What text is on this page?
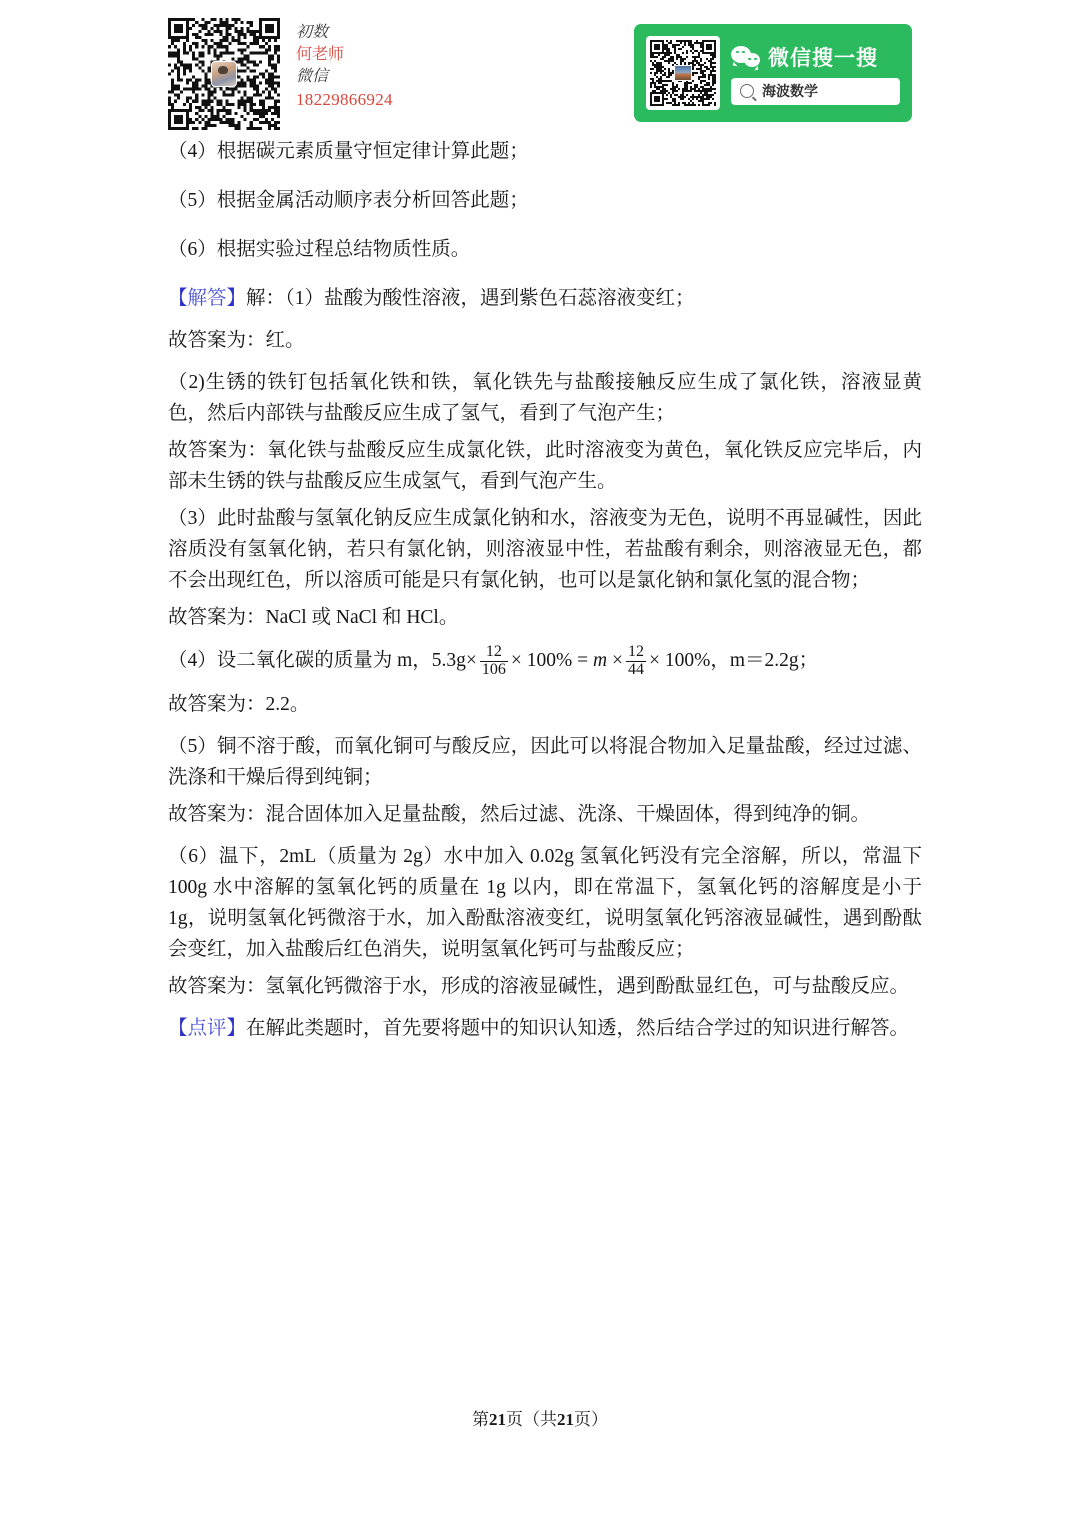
初数
何老师
微信
18229866924
微信搜一搜
海波数学

（4）根据碳元素质量守恒定律计算此题；

（5）根据金属活动顺序表分析回答此题；

（6）根据实验过程总结物质性质。

【解答】解：（1）盐酸为酸性溶液，遇到紫色石蕊溶液变红；

故答案为：红。

（2)生锈的铁钉包括氧化铁和铁，氧化铁先与盐酸接触反应生成了氯化铁，溶液显黄色，然后内部铁与盐酸反应生成了氢气，看到了气泡产生；

故答案为：氧化铁与盐酸反应生成氯化铁，此时溶液变为黄色，氧化铁反应完毕后，内部未生锈的铁与盐酸反应生成氢气，看到气泡产生。

（3）此时盐酸与氢氧化钠反应生成氯化钠和水，溶液变为无色，说明不再显碱性，因此溶质没有氢氧化钠，若只有氯化钠，则溶液显中性，若盐酸有剩余，则溶液显无色，都不会出现红色，所以溶质可能是只有氯化钠，也可以是氯化钠和氯化氢的混合物；

故答案为：NaCl 或 NaCl 和 HCl。

（4）设二氧化碳的质量为 m，$5.3g\times \frac{12}{106} \times 100\% = m \times \frac{12}{44} \times 100\%$，m＝2.2g；

故答案为：2.2。

（5）铜不溶于酸，而氧化铜可与酸反应，因此可以将混合物加入足量盐酸，经过过滤、洗涤和干燥后得到纯铜；

故答案为：混合固体加入足量盐酸，然后过滤、洗涤、干燥固体，得到纯净的铜。

（6）温下，2mL（质量为 2g）水中加入 0.02g 氢氧化钙没有完全溶解，所以，常温下 100g 水中溶解的氢氧化钙的质量在 1g 以内，即在常温下，氢氧化钙的溶解度是小于 1g，说明氢氧化钙微溶于水，加入酚酞溶液变红，说明氢氧化钙溶液显碱性，遇到酚酞会变红，加入盐酸后红色消失，说明氢氧化钙可与盐酸反应；

故答案为：氢氧化钙微溶于水，形成的溶液显碱性，遇到酚酞显红色，可与盐酸反应。

【点评】在解此类题时，首先要将题中的知识认知透，然后结合学过的知识进行解答。

第21页（共21页）
